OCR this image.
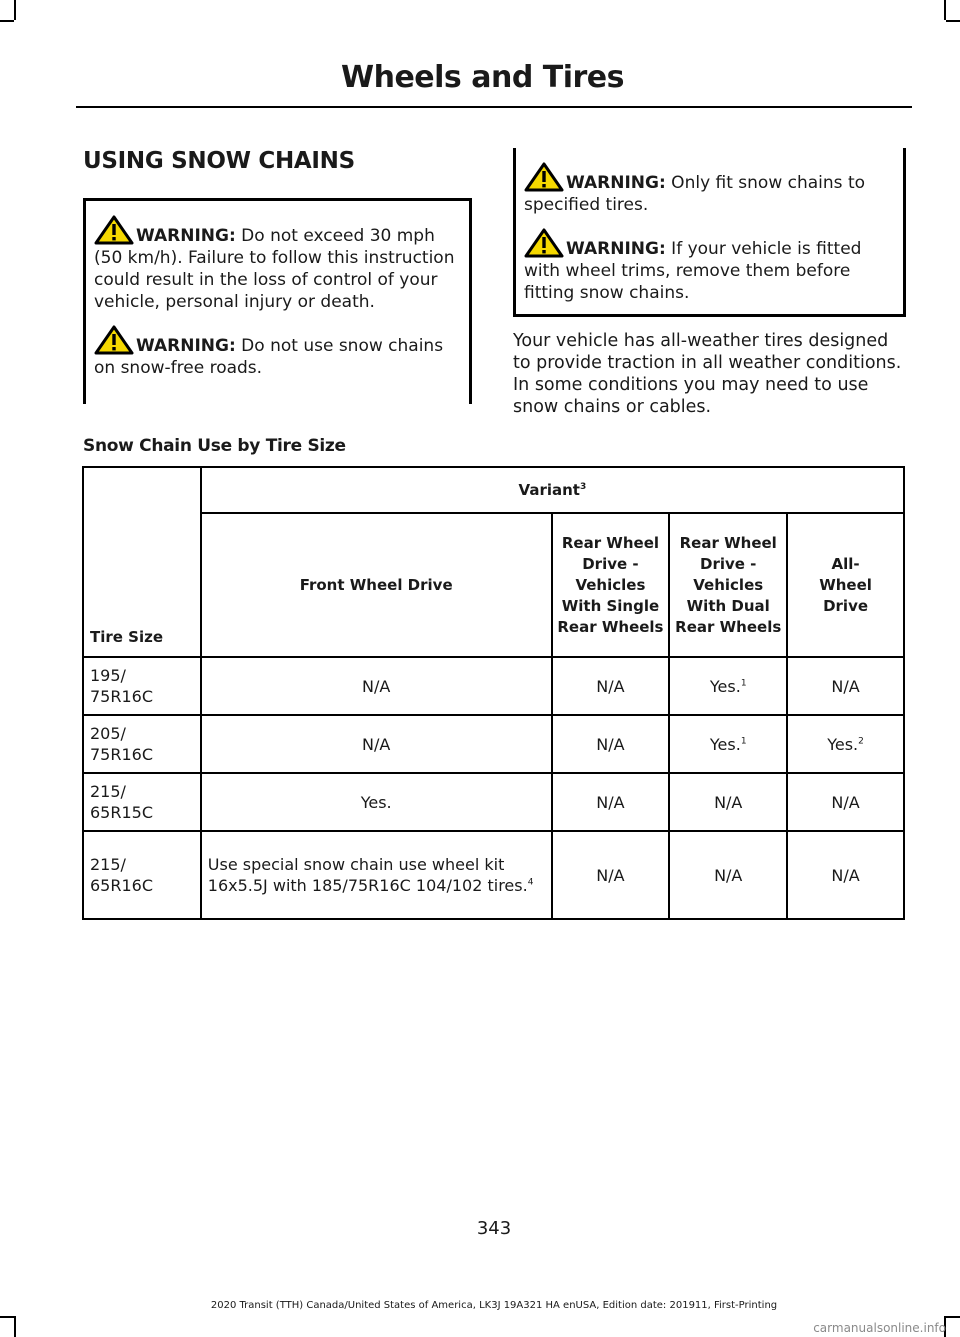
Wheels and Tires
USING SNOW CHAINS

WARNING: Do not exceed 30 mph (50 km/h). Failure to follow this instruction could result in the loss of control of your vehicle, personal injury or death.

WARNING: Do not use snow chains on snow-free roads.

WARNING: Only fit snow chains to specified tires.

WARNING: If your vehicle is fitted with wheel trims, remove them before fitting snow chains.

Your vehicle has all-weather tires designed to provide traction in all weather conditions. In some conditions you may need to use snow chains or cables.
Snow Chain Use by Tire Size
Tire Size	Variant$^3$
	Front Wheel Drive	Rear Wheel Drive - Vehicles With Single Rear Wheels	Rear Wheel Drive - Vehicles With Dual Rear Wheels	All-Wheel Drive
195/ 75R16C	N/A	N/A	Yes.$^1$	N/A
205/ 75R16C	N/A	N/A	Yes.$^1$	Yes.$^2$
215/ 65R15C	Yes.	N/A	N/A	N/A
215/ 65R16C	Use special snow chain use wheel kit 16x5.5J with 185/75R16C 104/102 tires.$^4$	N/A	N/A	N/A
343
2020 Transit (TTH) Canada/United States of America, LK3J 19A321 HA enUSA, Edition date: 201911, First-Printing
carmanualsonline.info
